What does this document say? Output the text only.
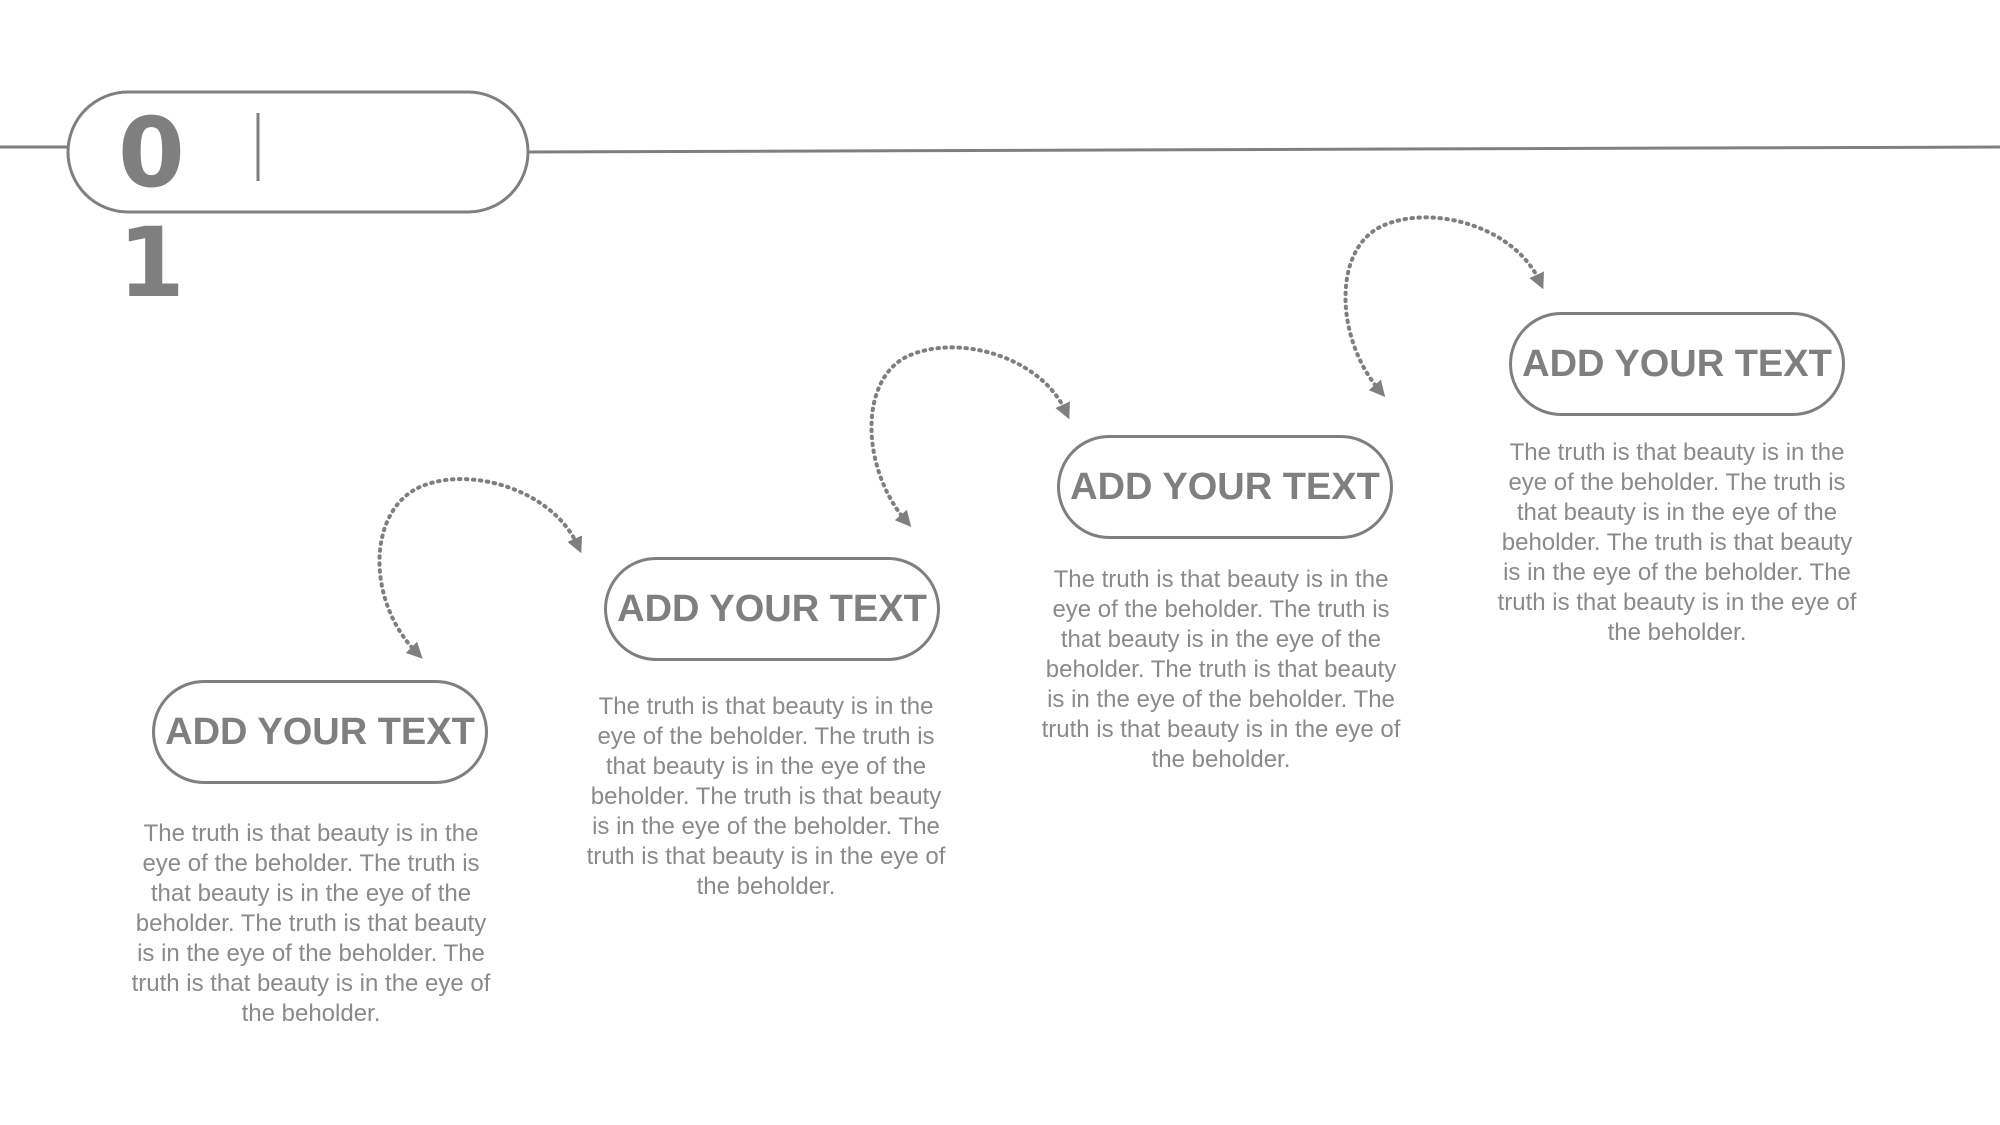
01
ADD YOUR TEXT
The truth is that beauty is in the eye of the beholder. The truth is that beauty is in the eye of the beholder. The truth is that beauty is in the eye of the beholder. The truth is that beauty is in the eye of the beholder.
ADD YOUR TEXT
The truth is that beauty is in the eye of the beholder. The truth is that beauty is in the eye of the beholder. The truth is that beauty is in the eye of the beholder. The truth is that beauty is in the eye of the beholder.
ADD YOUR TEXT
The truth is that beauty is in the eye of the beholder. The truth is that beauty is in the eye of the beholder. The truth is that beauty is in the eye of the beholder. The truth is that beauty is in the eye of the beholder.
ADD YOUR TEXT
The truth is that beauty is in the eye of the beholder. The truth is that beauty is in the eye of the beholder. The truth is that beauty is in the eye of the beholder. The truth is that beauty is in the eye of the beholder.
